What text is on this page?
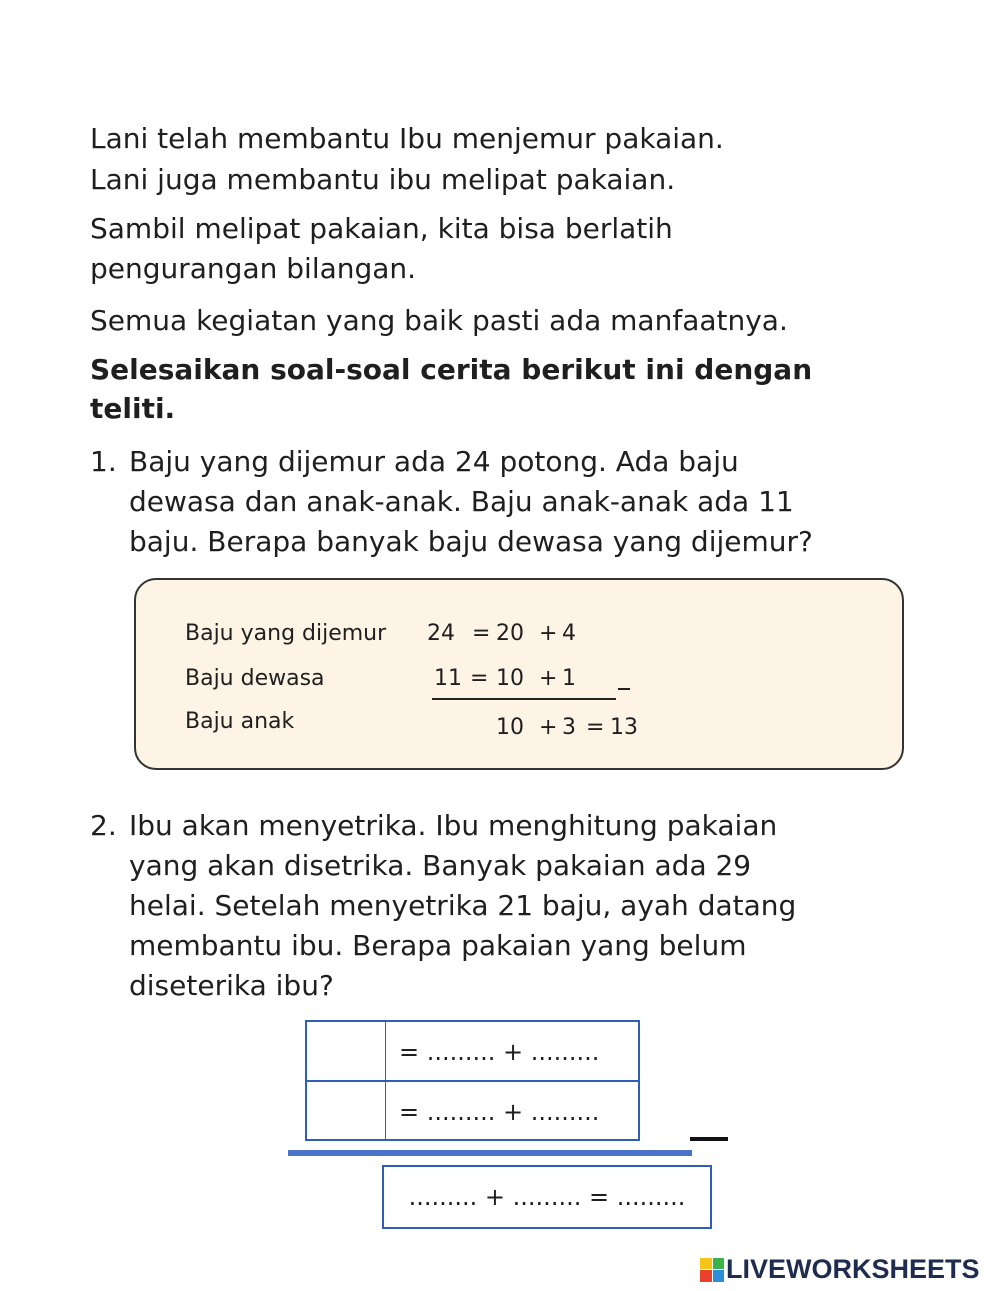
Lani telah membantu Ibu menjemur pakaian.
Lani juga membantu ibu melipat pakaian.
Sambil melipat pakaian, kita bisa berlatih
pengurangan bilangan.
Semua kegiatan yang baik pasti ada manfaatnya.
Selesaikan soal-soal cerita berikut ini dengan
teliti.
1. Baju yang dijemur ada 24 potong. Ada baju
dewasa dan anak-anak. Baju anak-anak ada 11
baju. Berapa banyak baju dewasa yang dijemur?
Baju yang dijemur
Baju dewasa
Baju anak
24 = 20 + 4
11 = 10 + 1
10 + 3 = 13
2. Ibu akan menyetrika. Ibu menghitung pakaian
yang akan disetrika. Banyak pakaian ada 29
helai. Setelah menyetrika 21 baju, ayah datang
membantu ibu. Berapa pakaian yang belum
diseterika ibu?
= ......... + .........
= ......... + .........
......... + ......... = .........
LIVEWORKSHEETS
